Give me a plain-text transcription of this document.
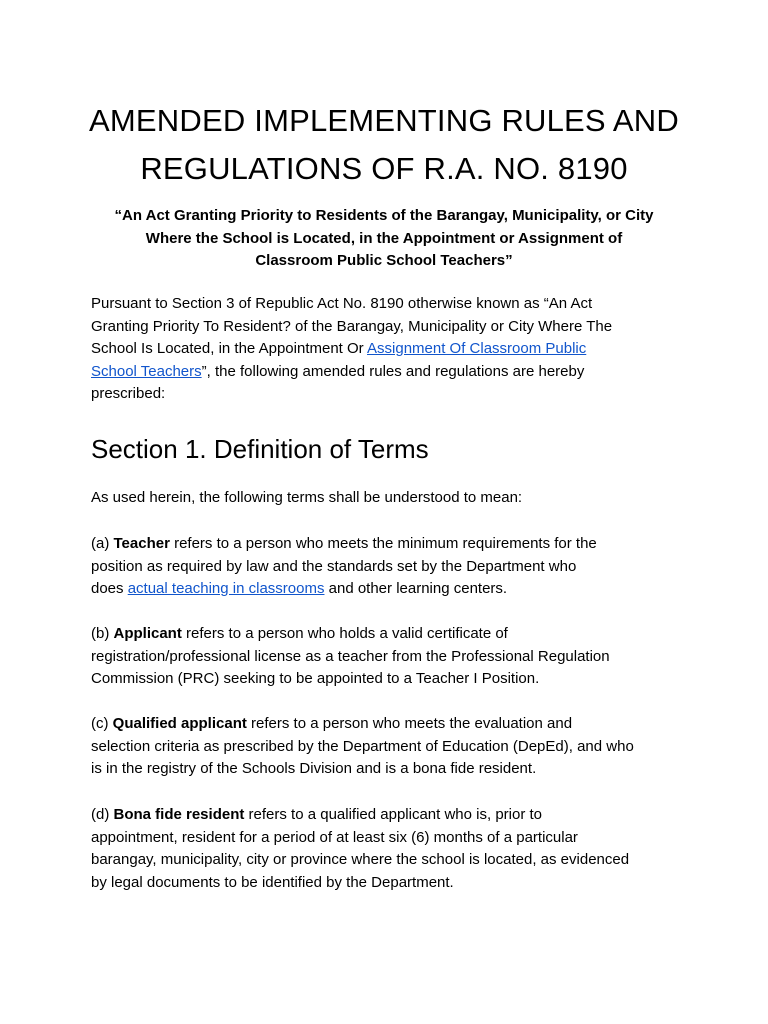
AMENDED IMPLEMENTING RULES AND
REGULATIONS OF R.A. NO. 8190

“An Act Granting Priority to Residents of the Barangay, Municipality, or City
Where the School is Located, in the Appointment or Assignment of
Classroom Public School Teachers”

Pursuant to Section 3 of Republic Act No. 8190 otherwise known as “An Act
Granting Priority To Resident? of the Barangay, Municipality or City Where The
School Is Located, in the Appointment Or Assignment Of Classroom Public
School Teachers”, the following amended rules and regulations are hereby
prescribed:

Section 1. Definition of Terms

As used herein, the following terms shall be understood to mean:

(a) Teacher refers to a person who meets the minimum requirements for the
position as required by law and the standards set by the Department who
does actual teaching in classrooms and other learning centers.

(b) Applicant refers to a person who holds a valid certificate of
registration/professional license as a teacher from the Professional Regulation
Commission (PRC) seeking to be appointed to a Teacher I Position.

(c) Qualified applicant refers to a person who meets the evaluation and
selection criteria as prescribed by the Department of Education (DepEd), and who
is in the registry of the Schools Division and is a bona fide resident.

(d) Bona fide resident refers to a qualified applicant who is, prior to
appointment, resident for a period of at least six (6) months of a particular
barangay, municipality, city or province where the school is located, as evidenced
by legal documents to be identified by the Department.
